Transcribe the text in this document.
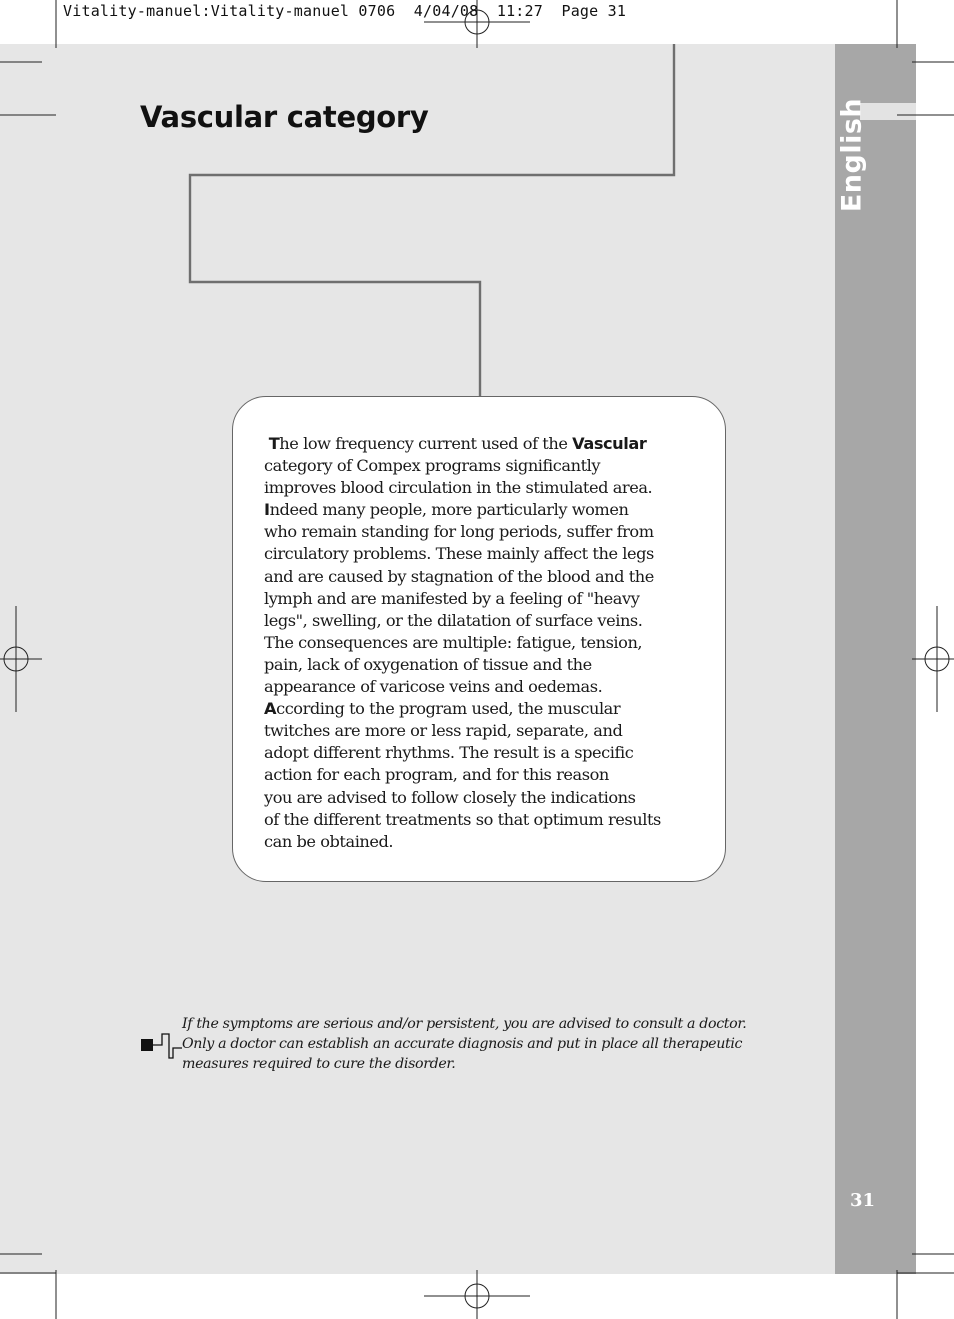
Vitality-manuel:Vitality-manuel 0706  4/04/08  11:27  Page 31
English
31
Vascular category
The low frequency current used of the Vascular
category of Compex programs significantly
improves blood circulation in the stimulated area.
Indeed many people, more particularly women
who remain standing for long periods, suffer from
circulatory problems. These mainly affect the legs
and are caused by stagnation of the blood and the
lymph and are manifested by a feeling of "heavy
legs", swelling, or the dilatation of surface veins.
The consequences are multiple: fatigue, tension,
pain, lack of oxygenation of tissue and the
appearance of varicose veins and oedemas.
According to the program used, the muscular
twitches are more or less rapid, separate, and
adopt different rhythms. The result is a specific
action for each program, and for this reason
you are advised to follow closely the indications
of the different treatments so that optimum results
can be obtained.
If the symptoms are serious and/or persistent, you are advised to consult a doctor.
Only a doctor can establish an accurate diagnosis and put in place all therapeutic
measures required to cure the disorder.
